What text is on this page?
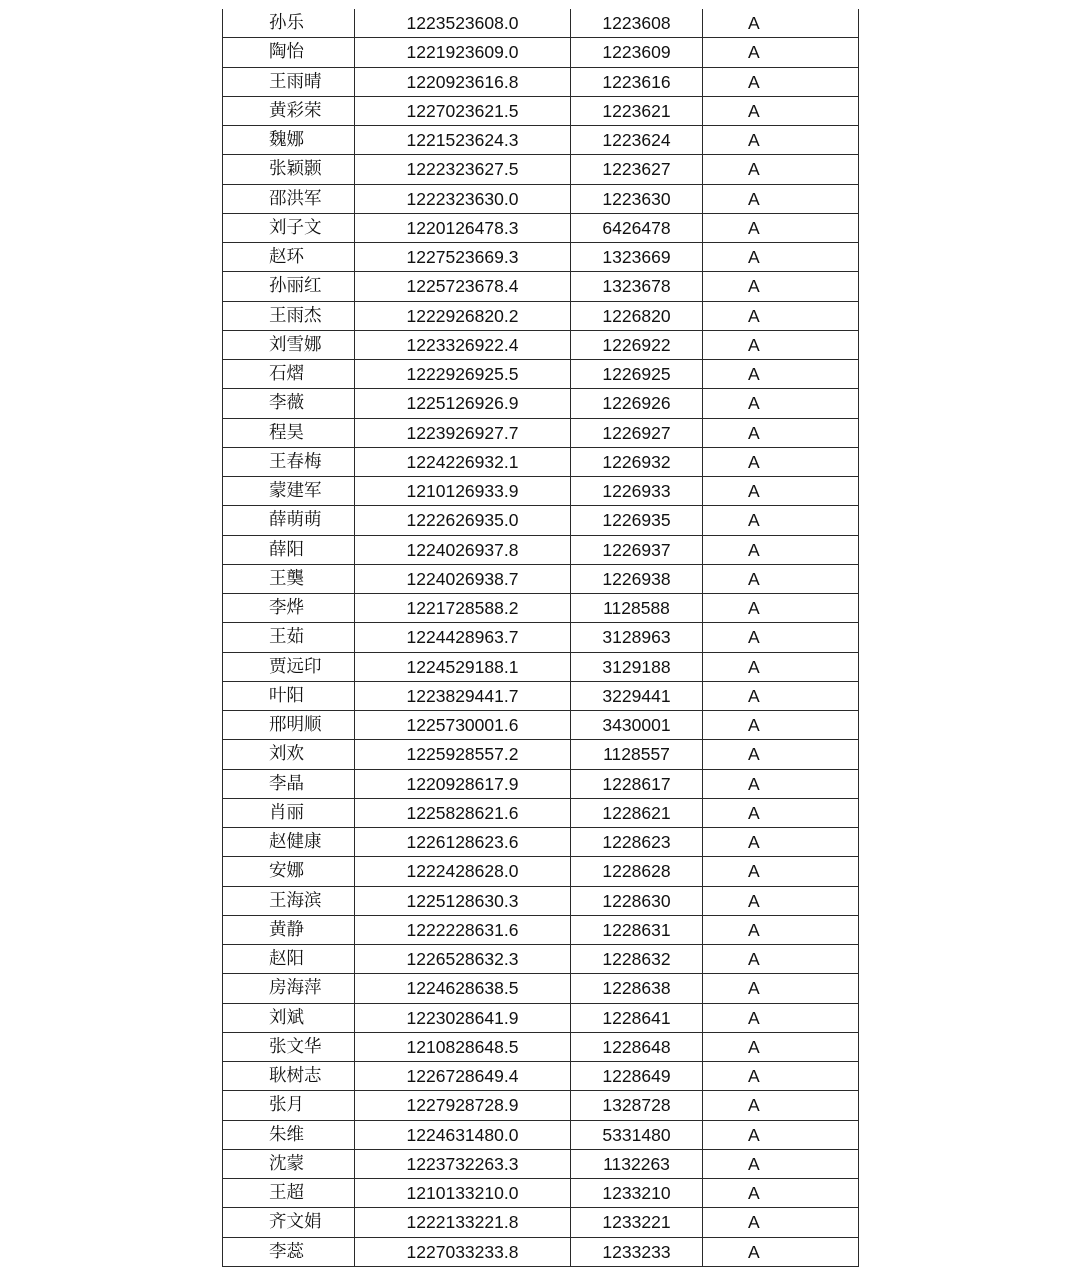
孙乐	1223523608.0	1223608	A
陶怡	1221923609.0	1223609	A
王雨晴	1220923616.8	1223616	A
黄彩荣	1227023621.5	1223621	A
魏娜	1221523624.3	1223624	A
张颖颢	1222323627.5	1223627	A
邵洪军	1222323630.0	1223630	A
刘子文	1220126478.3	6426478	A
赵环	1227523669.3	1323669	A
孙丽红	1225723678.4	1323678	A
王雨杰	1222926820.2	1226820	A
刘雪娜	1223326922.4	1226922	A
石熠	1222926925.5	1226925	A
李薇	1225126926.9	1226926	A
程昊	1223926927.7	1226927	A
王春梅	1224226932.1	1226932	A
蒙建军	1210126933.9	1226933	A
薛萌萌	1222626935.0	1226935	A
薛阳	1224026937.8	1226937	A
王龑	1224026938.7	1226938	A
李烨	1221728588.2	1128588	A
王茹	1224428963.7	3128963	A
贾远印	1224529188.1	3129188	A
叶阳	1223829441.7	3229441	A
邢明顺	1225730001.6	3430001	A
刘欢	1225928557.2	1128557	A
李晶	1220928617.9	1228617	A
肖丽	1225828621.6	1228621	A
赵健康	1226128623.6	1228623	A
安娜	1222428628.0	1228628	A
王海滨	1225128630.3	1228630	A
黄静	1222228631.6	1228631	A
赵阳	1226528632.3	1228632	A
房海萍	1224628638.5	1228638	A
刘斌	1223028641.9	1228641	A
张文华	1210828648.5	1228648	A
耿树志	1226728649.4	1228649	A
张月	1227928728.9	1328728	A
朱维	1224631480.0	5331480	A
沈蒙	1223732263.3	1132263	A
王超	1210133210.0	1233210	A
齐文娟	1222133221.8	1233221	A
李蕊	1227033233.8	1233233	A
